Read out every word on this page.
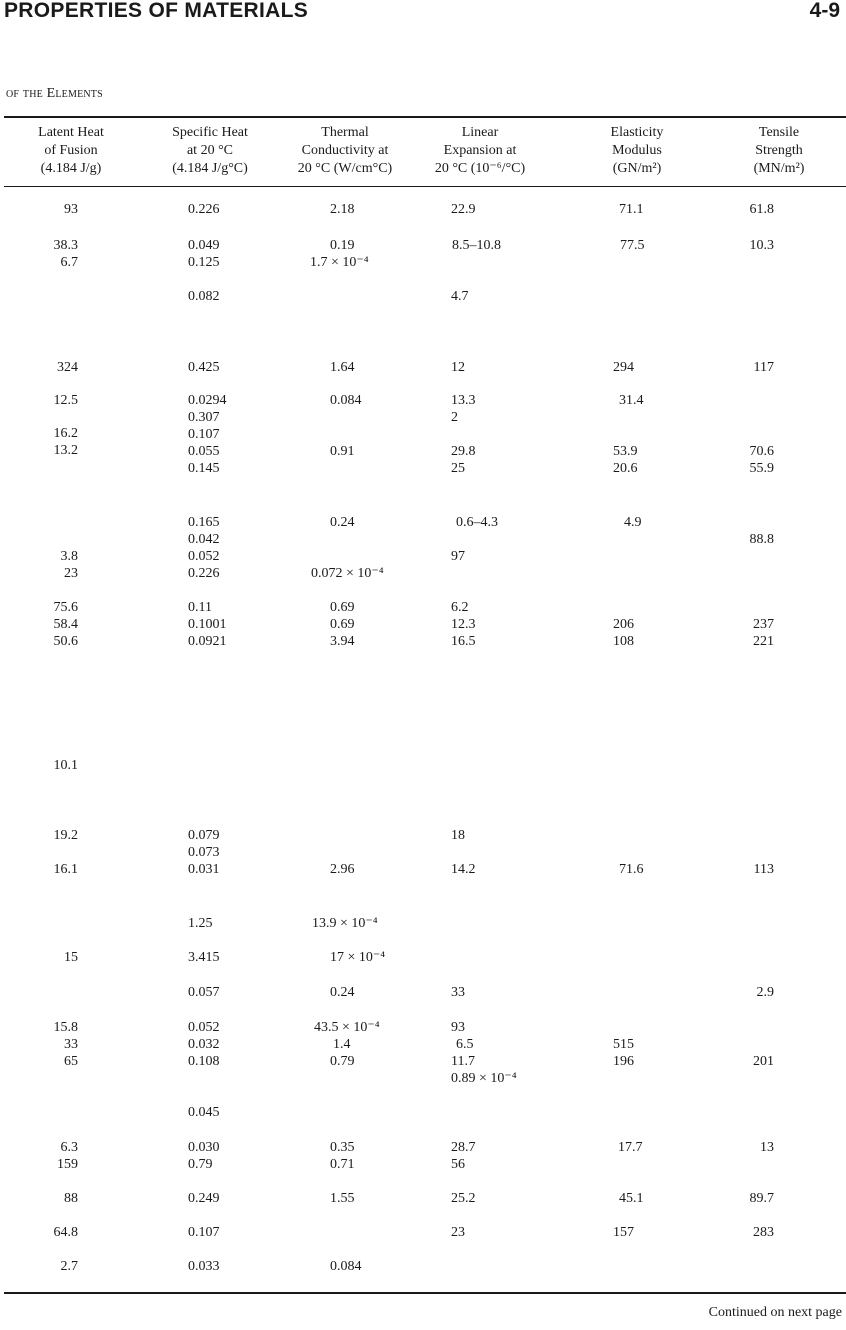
PROPERTIES OF MATERIALS	4-9
of the Elements
Latent Heat
of Fusion
(4.184 J/g)
Specific Heat
at 20 °C
(4.184 J/g°C)
Thermal
Conductivity at
20 °C (W/cm°C)
Linear
Expansion at
20 °C (10⁻⁶/°C)
Elasticity
Modulus
(GN/m²)
Tensile
Strength
(MN/m²)
93
38.3
6.7
324
12.5
16.2
13.2
3.8
23
75.6
58.4
50.6
10.1
19.2
16.1
15
15.8
33
65
6.3
159
88
64.8
2.7
0.226
0.049
0.125
0.082
0.425
0.0294
0.307
0.107
0.055
0.145
0.165
0.042
0.052
0.226
0.11
0.1001
0.0921
0.079
0.073
0.031
1.25
3.415
0.057
0.052
0.032
0.108
0.045
0.030
0.79
0.249
0.107
0.033
2.18
0.19
1.7 × 10⁻⁴
1.64
0.084
0.91
0.24
0.072 × 10⁻⁴
0.69
0.69
3.94
2.96
13.9 × 10⁻⁴
17 × 10⁻⁴
0.24
43.5 × 10⁻⁴
1.4
0.79
0.35
0.71
1.55
0.084
22.9
8.5–10.8
4.7
12
13.3
2
29.8
25
0.6–4.3
97
6.2
12.3
16.5
18
14.2
33
93
6.5
11.7
0.89 × 10⁻⁴
28.7
56
25.2
23
71.1
77.5
294
31.4
53.9
20.6
4.9
206
108
71.6
515
196
17.7
45.1
157
61.8
10.3
117
70.6
55.9
88.8
237
221
113
2.9
201
13
89.7
283
Continued on next page
